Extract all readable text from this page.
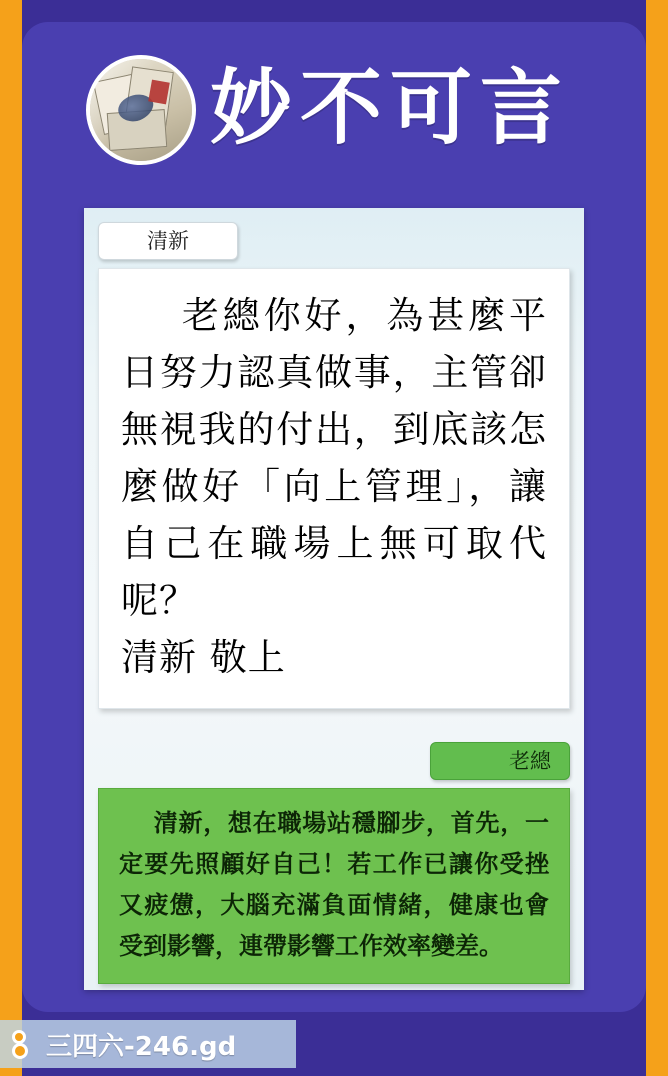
妙不可言
清新

老總你好，為甚麼平日努力認真做事，主管卻無視我的付出，到底該怎麼做好「向上管理」，讓自己在職場上無可取代呢？

清新 敬上

老總

清新，想在職場站穩腳步，首先，一定要先照顧好自己！若工作已讓你受挫又疲憊，大腦充滿負面情緒，健康也會受到影響，連帶影響工作效率變差。

三四六-246.gd
